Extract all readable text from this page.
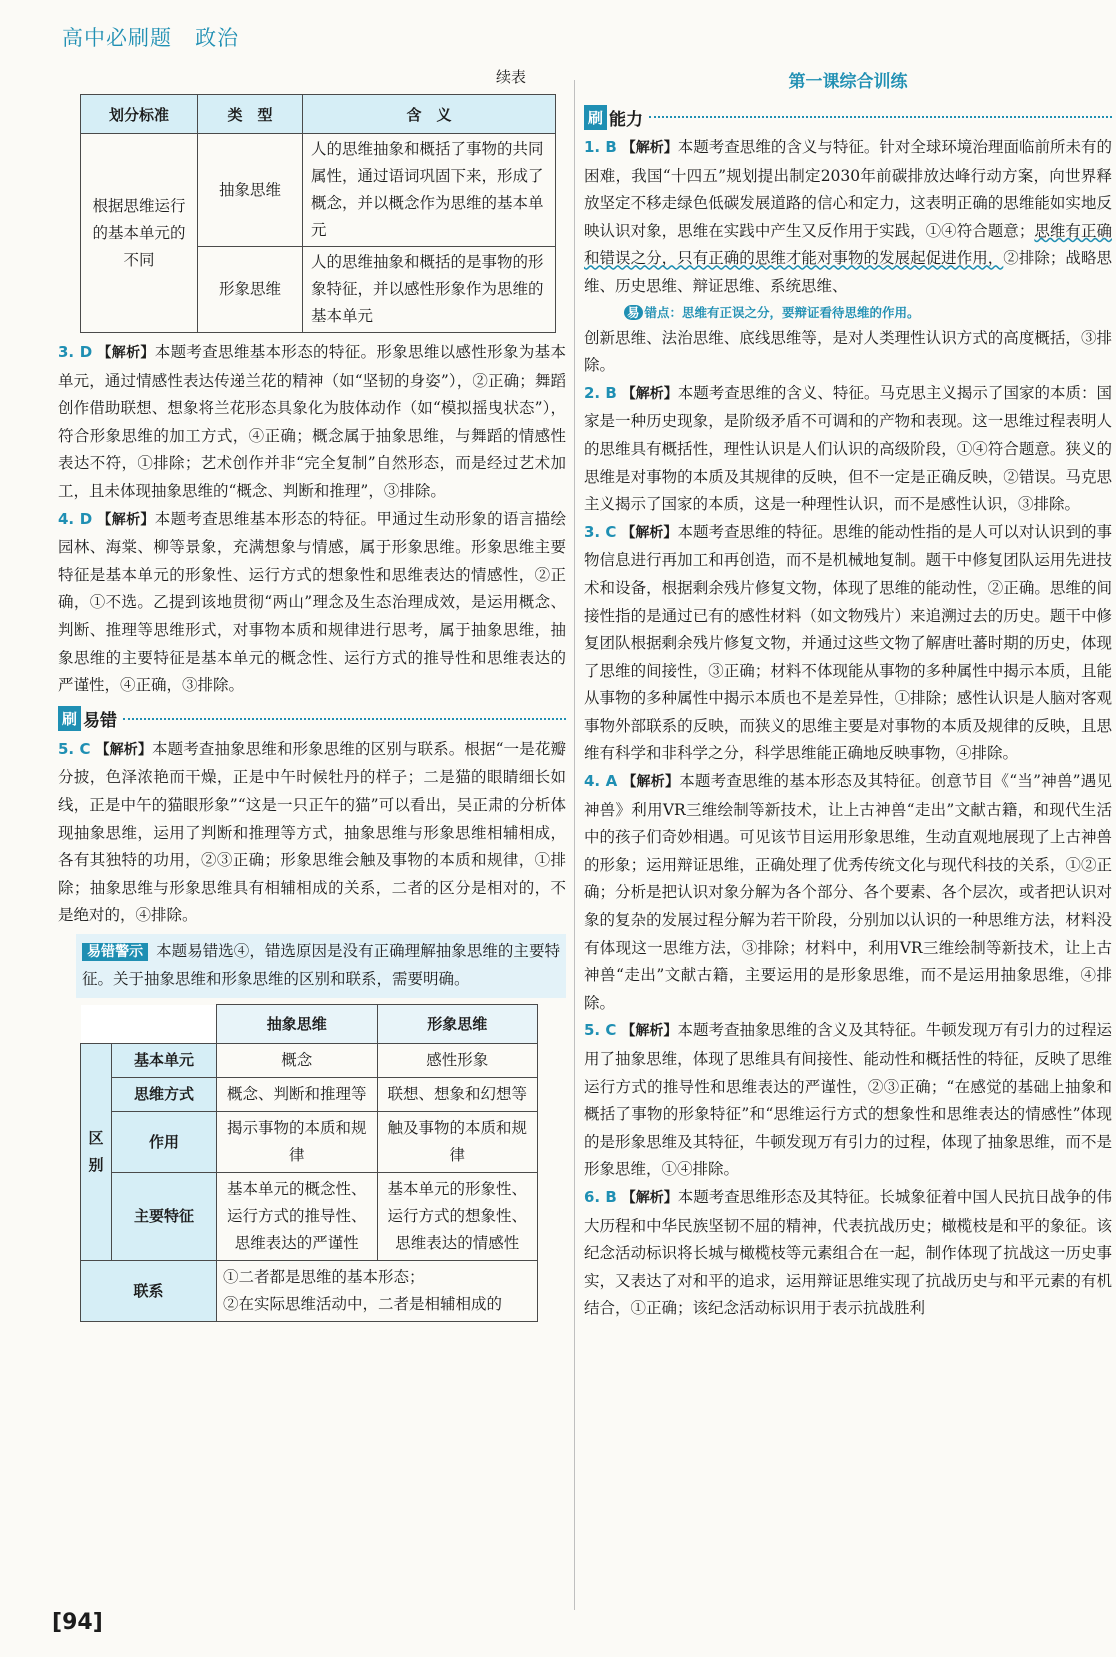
高中必刷题 政治
续表
划分标准	类　型	含　义
根据思维运行的基本单元的不同	抽象思维	人的思维抽象和概括了事物的共同属性，通过语词巩固下来，形成了概念，并以概念作为思维的基本单元
	形象思维	人的思维抽象和概括的是事物的形象特征，并以感性形象作为思维的基本单元

3. D 【解析】本题考查思维基本形态的特征。形象思维以感性形象为基本单元，通过情感性表达传递兰花的精神（如“坚韧的身姿”），②正确；舞蹈创作借助联想、想象将兰花形态具象化为肢体动作（如“模拟摇曳状态”），符合形象思维的加工方式，④正确；概念属于抽象思维，与舞蹈的情感性表达不符，①排除；艺术创作并非“完全复制”自然形态，而是经过艺术加工，且未体现抽象思维的“概念、判断和推理”，③排除。

4. D 【解析】本题考查思维基本形态的特征。甲通过生动形象的语言描绘园林、海棠、柳等景象，充满想象与情感，属于形象思维。形象思维主要特征是基本单元的形象性、运行方式的想象性和思维表达的情感性，②正确，①不选。乙提到该地贯彻“两山”理念及生态治理成效，是运用概念、判断、推理等思维形式，对事物本质和规律进行思考，属于抽象思维，抽象思维的主要特征是基本单元的概念性、运行方式的推导性和思维表达的严谨性，④正确，③排除。

刷 易错

5. C 【解析】本题考查抽象思维和形象思维的区别与联系。根据“一是花瓣分披，色泽浓艳而干燥，正是中午时候牡丹的样子；二是猫的眼睛细长如线，正是中午的猫眼形象”“这是一只正午的猫”可以看出，吴正肃的分析体现抽象思维，运用了判断和推理等方式，抽象思维与形象思维相辅相成，各有其独特的功用，②③正确；形象思维会触及事物的本质和规律，①排除；抽象思维与形象思维具有相辅相成的关系，二者的区分是相对的，不是绝对的，④排除。

易错警示 本题易错选④，错选原因是没有正确理解抽象思维的主要特征。关于抽象思维和形象思维的区别和联系，需要明确。
		抽象思维	形象思维
区别	基本单元	概念	感性形象
	思维方式	概念、判断和推理等	联想、想象和幻想等
	作用	揭示事物的本质和规律	触及事物的本质和规律
	主要特征	基本单元的概念性、运行方式的推导性、思维表达的严谨性	基本单元的形象性、运行方式的想象性、思维表达的情感性
联系		①二者都是思维的基本形态；
②在实际思维活动中，二者是相辅相成的	
第一课综合训练
刷 能力

1. B 【解析】本题考查思维的含义与特征。针对全球环境治理面临前所未有的困难，我国“十四五”规划提出制定2030年前碳排放达峰行动方案，向世界释放坚定不移走绿色低碳发展道路的信心和定力，这表明正确的思维能如实地反映认识对象，思维在实践中产生又反作用于实践，①④符合题意；思维有正确和错误之分，只有正确的思维才能对事物的发展起促进作用，②排除；战略思维、历史思维、辩证思维、系统思维、

易 错点：思维有正误之分，要辩证看待思维的作用。

创新思维、法治思维、底线思维等，是对人类理性认识方式的高度概括，③排除。

2. B 【解析】本题考查思维的含义、特征。马克思主义揭示了国家的本质：国家是一种历史现象，是阶级矛盾不可调和的产物和表现。这一思维过程表明人的思维具有概括性，理性认识是人们认识的高级阶段，①④符合题意。狭义的思维是对事物的本质及其规律的反映，但不一定是正确反映，②错误。马克思主义揭示了国家的本质，这是一种理性认识，而不是感性认识，③排除。

3. C 【解析】本题考查思维的特征。思维的能动性指的是人可以对认识到的事物信息进行再加工和再创造，而不是机械地复制。题干中修复团队运用先进技术和设备，根据剩余残片修复文物，体现了思维的能动性，②正确。思维的间接性指的是通过已有的感性材料（如文物残片）来追溯过去的历史。题干中修复团队根据剩余残片修复文物，并通过这些文物了解唐吐蕃时期的历史，体现了思维的间接性，③正确；材料不体现能从事物的多种属性中揭示本质，且能从事物的多种属性中揭示本质也不是差异性，①排除；感性认识是人脑对客观事物外部联系的反映，而狭义的思维主要是对事物的本质及规律的反映，且思维有科学和非科学之分，科学思维能正确地反映事物，④排除。

4. A 【解析】本题考查思维的基本形态及其特征。创意节目《“当”神兽”遇见神兽》利用VR三维绘制等新技术，让上古神兽“走出”文献古籍，和现代生活中的孩子们奇妙相遇。可见该节目运用形象思维，生动直观地展现了上古神兽的形象；运用辩证思维，正确处理了优秀传统文化与现代科技的关系，①②正确；分析是把认识对象分解为各个部分、各个要素、各个层次，或者把认识对象的复杂的发展过程分解为若干阶段，分别加以认识的一种思维方法，材料没有体现这一思维方法，③排除；材料中，利用VR三维绘制等新技术，让上古神兽“走出”文献古籍，主要运用的是形象思维，而不是运用抽象思维，④排除。

5. C 【解析】本题考查抽象思维的含义及其特征。牛顿发现万有引力的过程运用了抽象思维，体现了思维具有间接性、能动性和概括性的特征，反映了思维运行方式的推导性和思维表达的严谨性，②③正确；“在感觉的基础上抽象和概括了事物的形象特征”和“思维运行方式的想象性和思维表达的情感性”体现的是形象思维及其特征，牛顿发现万有引力的过程，体现了抽象思维，而不是形象思维，①④排除。

6. B 【解析】本题考查思维形态及其特征。长城象征着中国人民抗日战争的伟大历程和中华民族坚韧不屈的精神，代表抗战历史；橄榄枝是和平的象征。该纪念活动标识将长城与橄榄枝等元素组合在一起，制作体现了抗战这一历史事实，又表达了对和平的追求，运用辩证思维实现了抗战历史与和平元素的有机结合，①正确；该纪念活动标识用于表示抗战胜利

[94]
